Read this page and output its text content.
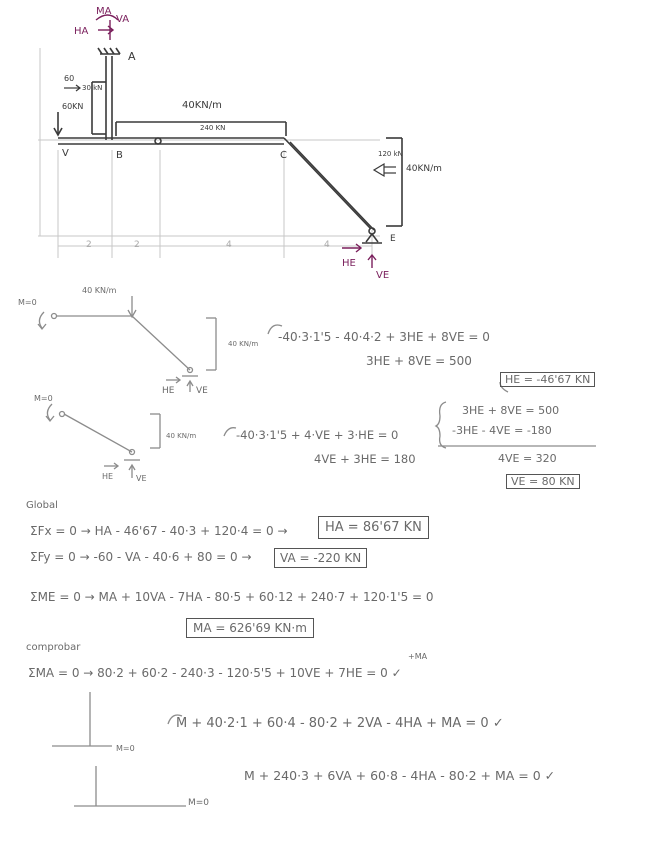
MA
VA
HA
A
60
30 kN
60KN	40KN/m
240 KN
V	B	C	120 kN
40KN/m
E
HE
VE
2	2	4	4
M=0
40 KN/m
40 KN/m
HE VE
-40·3·1'5 - 40·4·2 + 3HE + 8VE = 0
3HE + 8VE = 500
M=0
40 KN/m
HE	VE
-40·3·1'5 + 4·VE + 3·HE = 0
4VE + 3HE = 180
HE = -46'67 KN
3HE + 8VE = 500
-3HE - 4VE = -180
4VE = 320
VE = 80 KN
Global
ΣFx = 0 → HA - 46'67 - 40·3 + 120·4 = 0 →	HA = 86'67 KN
ΣFy = 0 → -60 - VA - 40·6 + 80 = 0 →	VA = -220 KN
ΣME = 0 → MA + 10VA - 7HA - 80·5 + 60·12 + 240·7 + 120·1'5 = 0
MA = 626'69 KN·m
comprobar
ΣMA = 0 → 80·2 + 60·2 - 240·3 - 120·5'5 + 10VE + 7HE = 0 ✓
+MA
M + 40·2·1 + 60·4 - 80·2 + 2VA - 4HA + MA = 0 ✓
M=0
M + 240·3 + 6VA + 60·8 - 4HA - 80·2 + MA = 0 ✓
M=0
